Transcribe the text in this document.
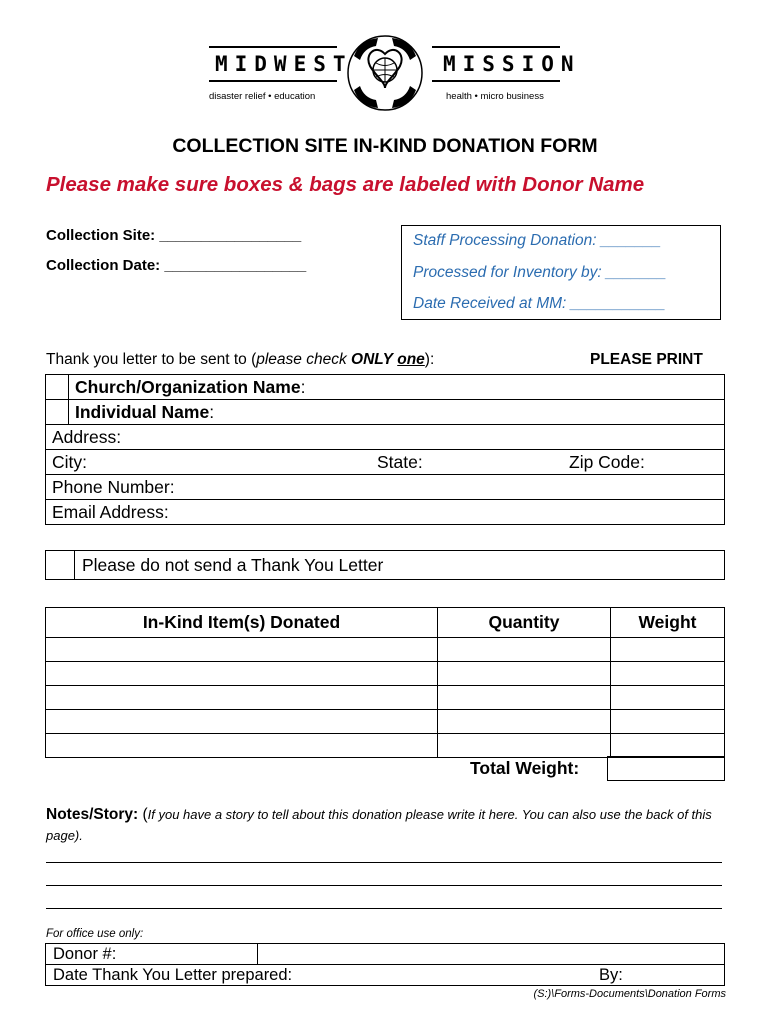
MIDWEST	MISSION
disaster relief • education	health • micro business
COLLECTION SITE IN-KIND DONATION FORM
Please make sure boxes & bags are labeled with Donor Name
Collection Site: _________________
Collection Date: _________________
Staff Processing Donation: _______
Processed for Inventory by: _______
Date Received at MM: ___________
Thank you letter to be sent to (please check ONLY one):	PLEASE PRINT
	Church/Organization Name:
	Individual Name:
Address:	
City: State: Zip Code:	

Phone Number:	
Email Address:	
	Please do not send a Thank You Letter
In-Kind Item(s) Donated	Quantity	Weight

Total Weight:
Notes/Story: (If you have a story to tell about this donation please write it here. You can also use the back of this page).
For office use only:
Donor #:	
Date Thank You Letter prepared:	By:
(S:)\Forms-Documents\Donation Forms
